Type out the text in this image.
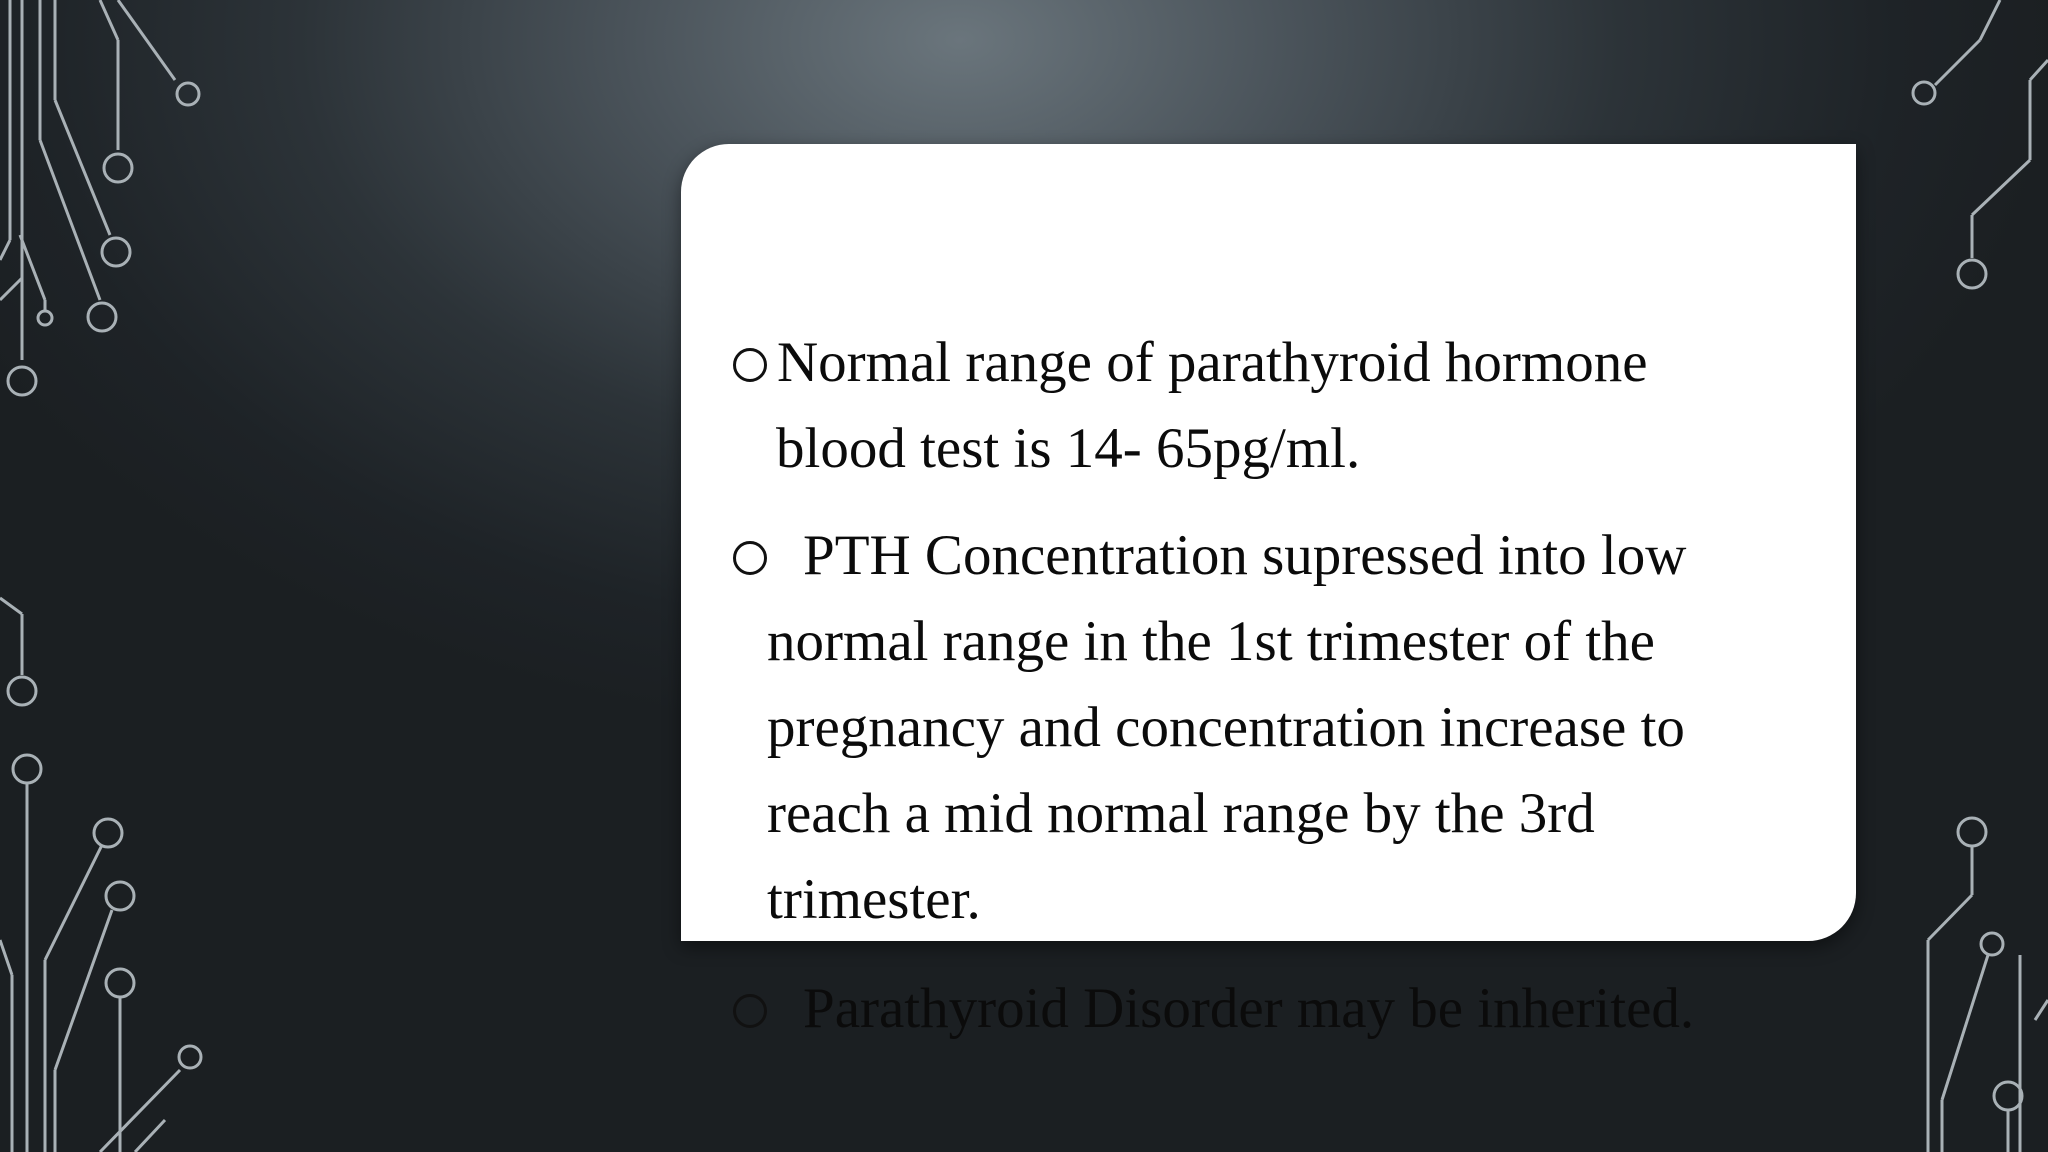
Normal range of parathyroid hormone
blood test is 14- 65pg/ml.
PTH Concentration supressed into low
normal range in the 1st trimester of the
pregnancy and concentration increase to
reach a mid normal range by the 3rd
trimester.
Parathyroid Disorder may be inherited.
